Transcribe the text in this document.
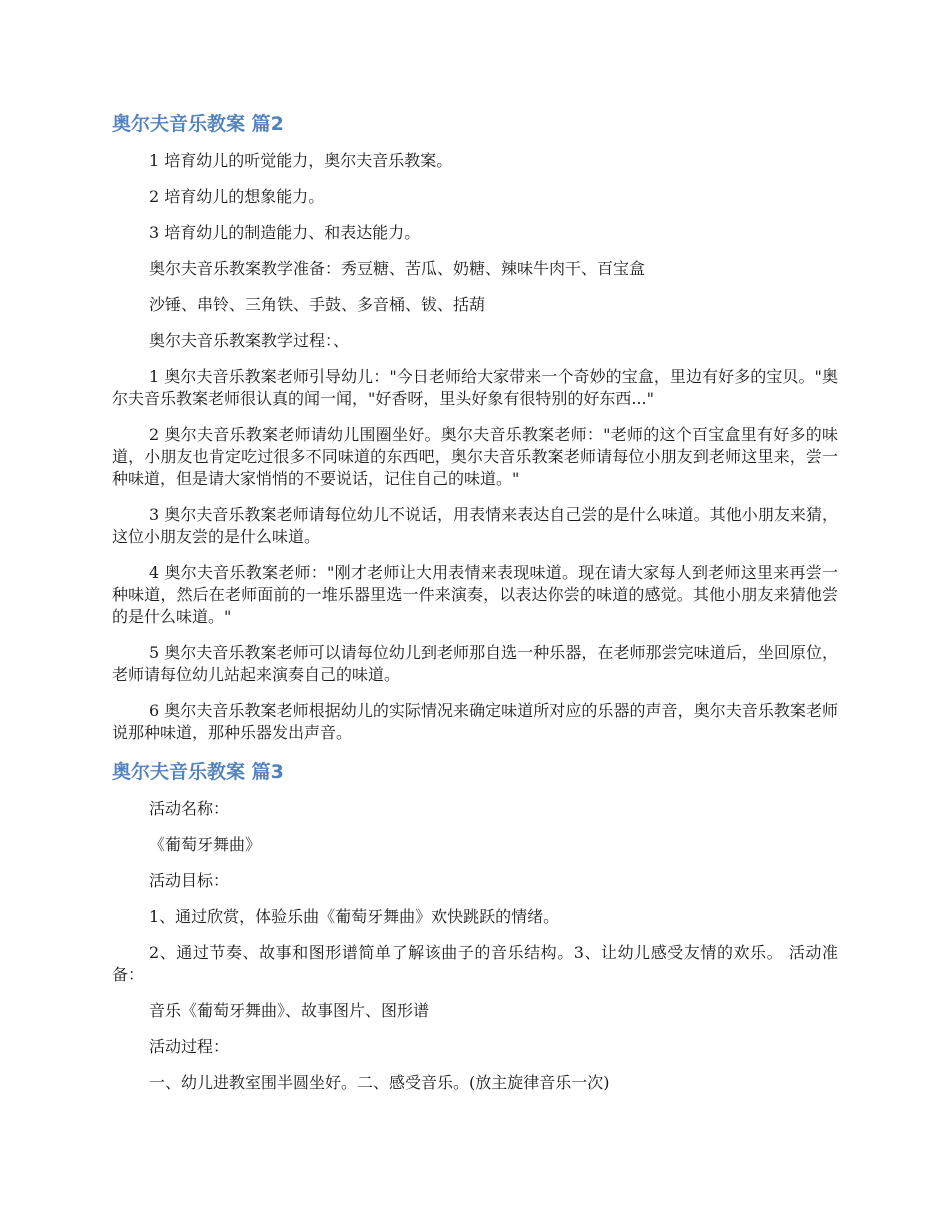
奥尔夫音乐教案 篇2

1 培育幼儿的听觉能力，奥尔夫音乐教案。

2 培育幼儿的想象能力。

3 培育幼儿的制造能力、和表达能力。

奥尔夫音乐教案教学准备：秀豆糖、苦瓜、奶糖、辣味牛肉干、百宝盒

沙锤、串铃、三角铁、手鼓、多音桶、钹、括葫

奥尔夫音乐教案教学过程：、

1 奥尔夫音乐教案老师引导幼儿："今日老师给大家带来一个奇妙的宝盒，里边有好多的宝贝。"奥尔夫音乐教案老师很认真的闻一闻，"好香呀，里头好象有很特别的好东西..."

2 奥尔夫音乐教案老师请幼儿围圈坐好。奥尔夫音乐教案老师："老师的这个百宝盒里有好多的味道，小朋友也肯定吃过很多不同味道的东西吧，奥尔夫音乐教案老师请每位小朋友到老师这里来，尝一种味道，但是请大家悄悄的不要说话，记住自己的味道。"

3 奥尔夫音乐教案老师请每位幼儿不说话，用表情来表达自己尝的是什么味道。其他小朋友来猜，这位小朋友尝的是什么味道。

4 奥尔夫音乐教案老师："刚才老师让大用表情来表现味道。现在请大家每人到老师这里来再尝一种味道，然后在老师面前的一堆乐器里选一件来演奏，以表达你尝的味道的感觉。其他小朋友来猜他尝的是什么味道。"

5 奥尔夫音乐教案老师可以请每位幼儿到老师那自选一种乐器，在老师那尝完味道后，坐回原位，老师请每位幼儿站起来演奏自己的味道。

6 奥尔夫音乐教案老师根据幼儿的实际情况来确定味道所对应的乐器的声音，奥尔夫音乐教案老师说那种味道，那种乐器发出声音。

奥尔夫音乐教案 篇3

活动名称：

《葡萄牙舞曲》

活动目标：

1、通过欣赏，体验乐曲《葡萄牙舞曲》欢快跳跃的情绪。

2、通过节奏、故事和图形谱简单了解该曲子的音乐结构。3、让幼儿感受友情的欢乐。 活动准备：

音乐《葡萄牙舞曲》、故事图片、图形谱

活动过程：

一、幼儿进教室围半圆坐好。二、感受音乐。(放主旋律音乐一次)
